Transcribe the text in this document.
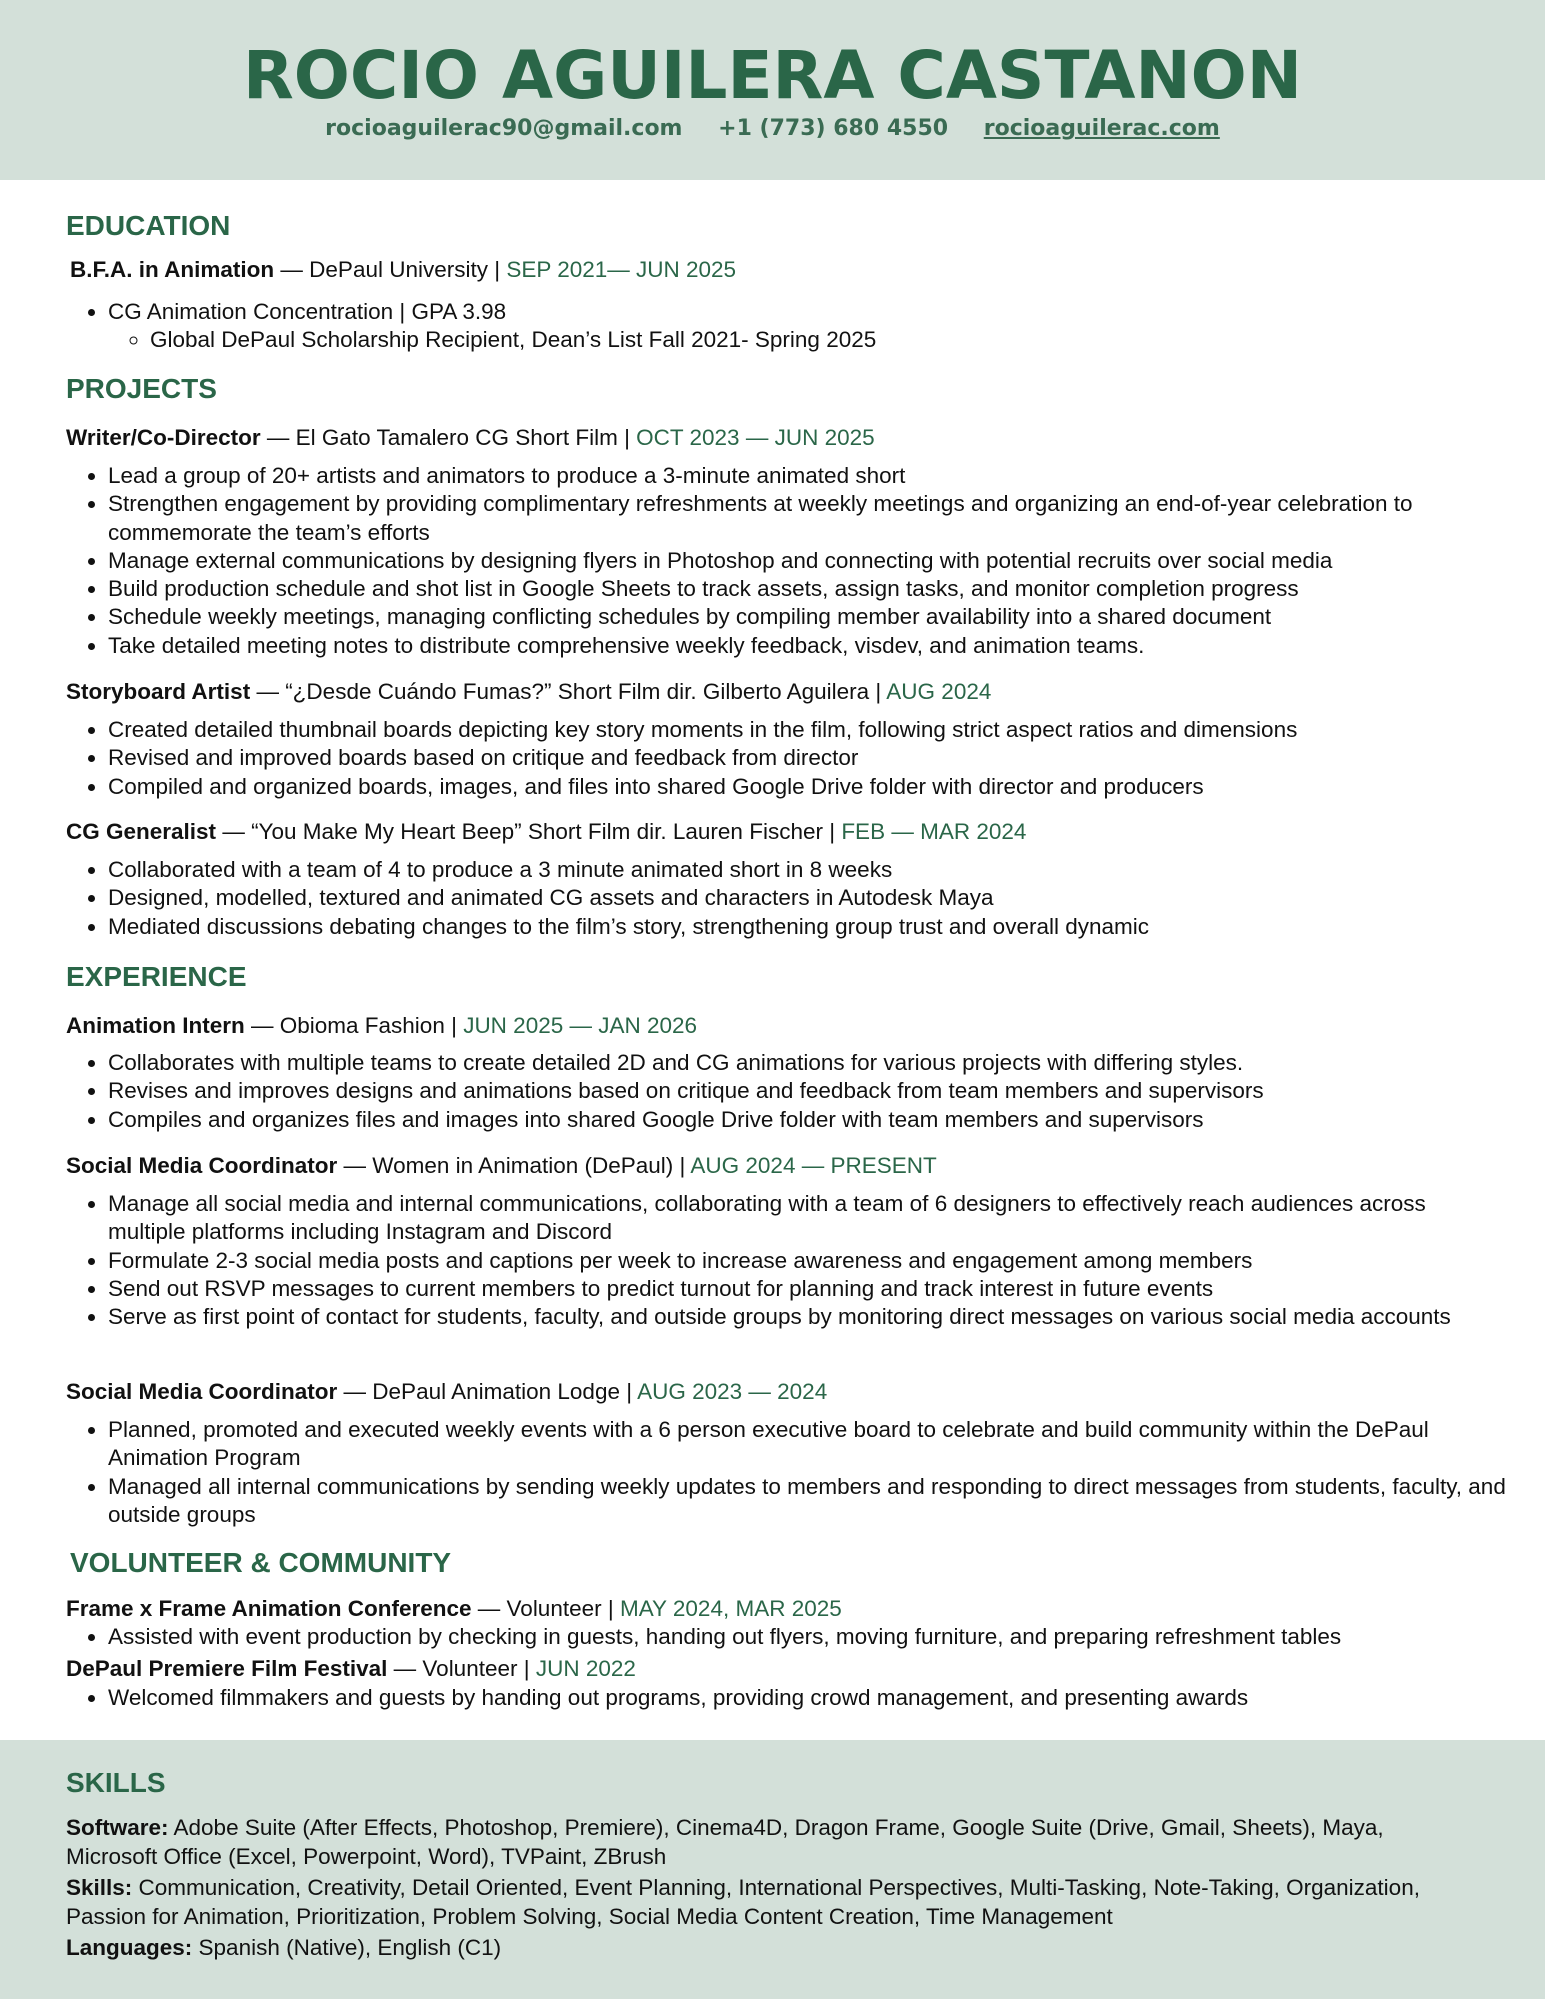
ROCIO AGUILERA CASTANON
rocioaguilerac90@gmail.com +1 (773) 680 4550 rocioaguilerac.com
EDUCATION
B.F.A. in Animation — DePaul University | SEP 2021— JUN 2025
• CG Animation Concentration | GPA 3.98
◦ Global DePaul Scholarship Recipient, Dean’s List Fall 2021- Spring 2025
PROJECTS
Writer/Co-Director — El Gato Tamalero CG Short Film | OCT 2023 — JUN 2025
• Lead a group of 20+ artists and animators to produce a 3-minute animated short
• Strengthen engagement by providing complimentary refreshments at weekly meetings and organizing an end-of-year celebration to commemorate the team’s efforts
• Manage external communications by designing flyers in Photoshop and connecting with potential recruits over social media
• Build production schedule and shot list in Google Sheets to track assets, assign tasks, and monitor completion progress
• Schedule weekly meetings, managing conflicting schedules by compiling member availability into a shared document
• Take detailed meeting notes to distribute comprehensive weekly feedback, visdev, and animation teams.
Storyboard Artist — “¿Desde Cuándo Fumas?” Short Film dir. Gilberto Aguilera | AUG 2024
• Created detailed thumbnail boards depicting key story moments in the film, following strict aspect ratios and dimensions
• Revised and improved boards based on critique and feedback from director
• Compiled and organized boards, images, and files into shared Google Drive folder with director and producers
CG Generalist — “You Make My Heart Beep” Short Film dir. Lauren Fischer | FEB — MAR 2024
• Collaborated with a team of 4 to produce a 3 minute animated short in 8 weeks
• Designed, modelled, textured and animated CG assets and characters in Autodesk Maya
• Mediated discussions debating changes to the film’s story, strengthening group trust and overall dynamic
EXPERIENCE
Animation Intern — Obioma Fashion | JUN 2025 — JAN 2026
• Collaborates with multiple teams to create detailed 2D and CG animations for various projects with differing styles.
• Revises and improves designs and animations based on critique and feedback from team members and supervisors
• Compiles and organizes files and images into shared Google Drive folder with team members and supervisors
Social Media Coordinator — Women in Animation (DePaul) | AUG 2024 — PRESENT
• Manage all social media and internal communications, collaborating with a team of 6 designers to effectively reach audiences across multiple platforms including Instagram and Discord
• Formulate 2-3 social media posts and captions per week to increase awareness and engagement among members
• Send out RSVP messages to current members to predict turnout for planning and track interest in future events
• Serve as first point of contact for students, faculty, and outside groups by monitoring direct messages on various social media accounts
Social Media Coordinator — DePaul Animation Lodge | AUG 2023 — 2024
• Planned, promoted and executed weekly events with a 6 person executive board to celebrate and build community within the DePaul Animation Program
• Managed all internal communications by sending weekly updates to members and responding to direct messages from students, faculty, and outside groups
VOLUNTEER & COMMUNITY
Frame x Frame Animation Conference — Volunteer | MAY 2024, MAR 2025
• Assisted with event production by checking in guests, handing out flyers, moving furniture, and preparing refreshment tables
DePaul Premiere Film Festival — Volunteer | JUN 2022
• Welcomed filmmakers and guests by handing out programs, providing crowd management, and presenting awards
SKILLS
Software: Adobe Suite (After Effects, Photoshop, Premiere), Cinema4D, Dragon Frame, Google Suite (Drive, Gmail, Sheets), Maya, Microsoft Office (Excel, Powerpoint, Word), TVPaint, ZBrush
Skills: Communication, Creativity, Detail Oriented, Event Planning, International Perspectives, Multi-Tasking, Note-Taking, Organization, Passion for Animation, Prioritization, Problem Solving, Social Media Content Creation, Time Management
Languages: Spanish (Native), English (C1)
